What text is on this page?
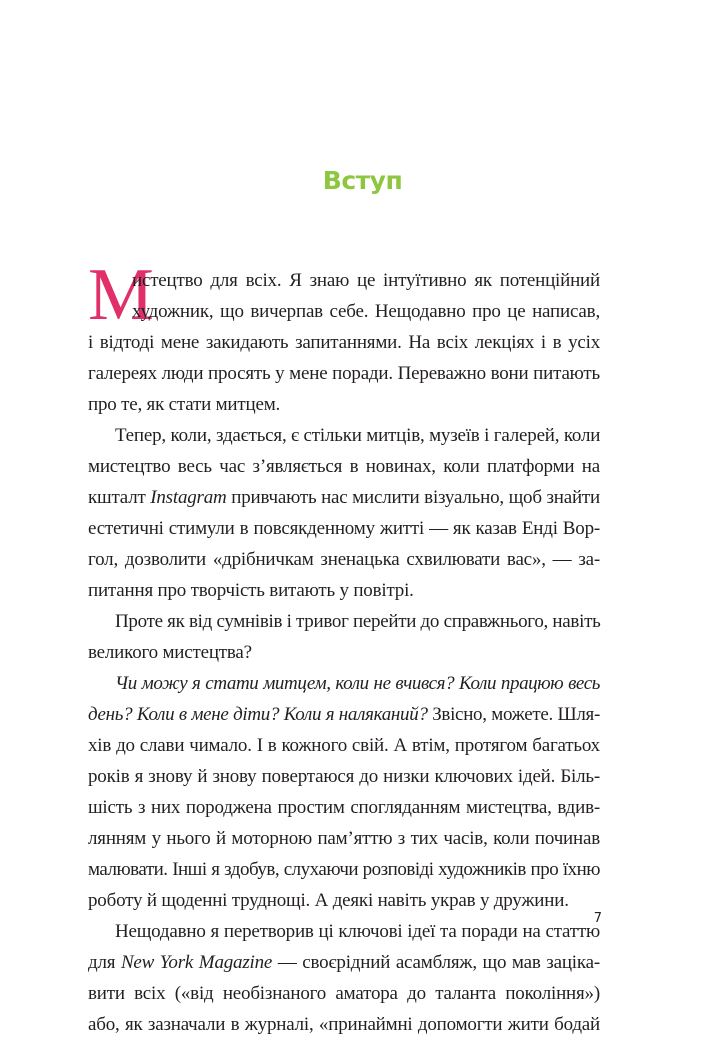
Вступ
М
истецтво для всіх. Я знаю це інтуїтивно як потенційний
художник, що вичерпав себе. Нещодавно про це написав,
і відтоді мене закидають запитаннями. На всіх лекціях і в усіх
галереях люди просять у мене поради. Переважно вони питають
про те, як стати митцем.
Тепер, коли, здається, є стільки митців, музеїв і галерей, коли
мистецтво весь час з’являється в новинах, коли платформи на
кшталт Instagram привчають нас мислити візуально, щоб знайти
естетичні стимули в повсякденному житті — як казав Енді Вор-
гол, дозволити «дрібничкам зненацька схвилювати вас», — за-
питання про творчість витають у повітрі.
Проте як від сумнівів і тривог перейти до справжнього, навіть
великого мистецтва?
Чи можу я стати митцем, коли не вчився? Коли працюю весь
день? Коли в мене діти? Коли я наляканий? Звісно, можете. Шля-
хів до слави чимало. І в кожного свій. А втім, протягом багатьох
років я знову й знову повертаюся до низки ключових ідей. Біль-
шість з них породжена простим спогляданням мистецтва, вдив-
лянням у нього й моторною пам’яттю з тих часів, коли починав
малювати. Інші я здобув, слухаючи розповіді художників про їхню
роботу й щоденні труднощі. А деякі навіть украв у дружини.
Нещодавно я перетворив ці ключові ідеї та поради на статтю
для New York Magazine — своєрідний асамбляж, що мав зацiка-
вити всіх («від необізнаного аматора до таланта покоління»)
або, як зазначали в журналі, «принаймні допомогти жити бодай
7
